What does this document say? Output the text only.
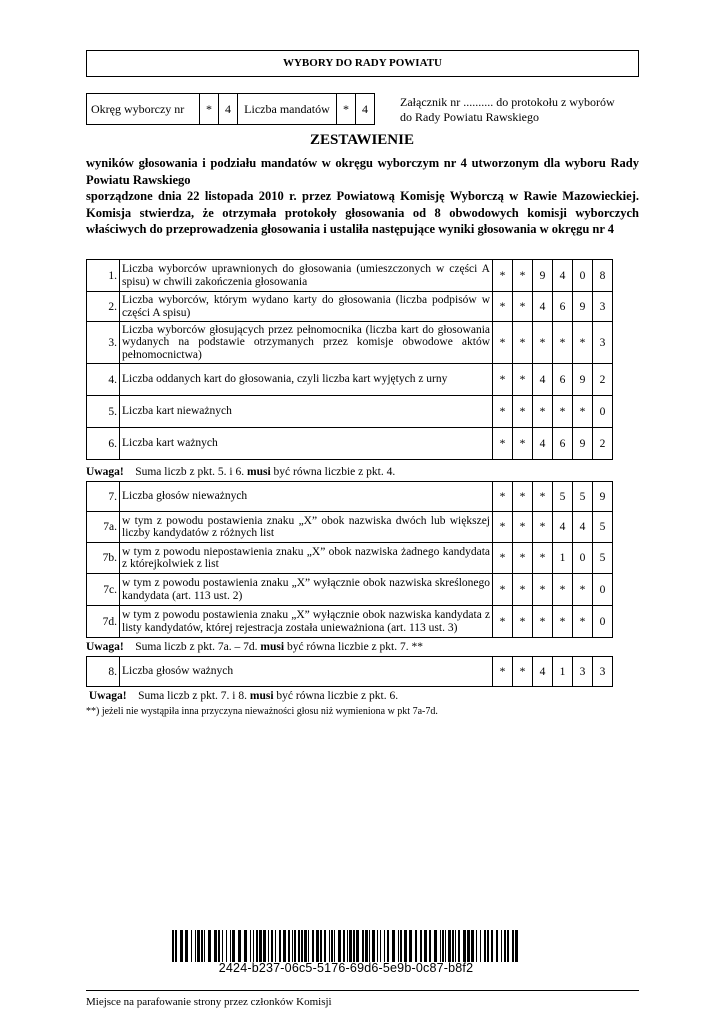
WYBORY DO RADY POWIATU
Okręg wyborczy nr	*	4	Liczba mandatów	*	4	Załącznik nr .......... do protokołu z wyborów
do Rady Powiatu Rawskiego
ZESTAWIENIE
wyników głosowania i podziału mandatów w okręgu wyborczym nr 4 utworzonym dla wyboru Rady Powiatu Rawskiego
sporządzone dnia 22 listopada 2010 r. przez Powiatową Komisję Wyborczą w Rawie Mazowieckiej. Komisja stwierdza, że otrzymała protokoły głosowania od 8 obwodowych komisji wyborczych właściwych do przeprowadzenia głosowania i ustaliła następujące wyniki głosowania w okręgu nr 4
1.	Liczba wyborców uprawnionych do głosowania (umieszczonych w części A spisu) w chwili zakończenia głosowania	*	*	9	4	0	8
2.	Liczba wyborców, którym wydano karty do głosowania (liczba podpisów w części A spisu)	*	*	4	6	9	3
3.	Liczba wyborców głosujących przez pełnomocnika (liczba kart do głosowania wydanych na podstawie otrzymanych przez komisje obwodowe aktów pełnomocnictwa)	*	*	*	*	*	3
4.	Liczba oddanych kart do głosowania, czyli liczba kart wyjętych z urny	*	*	4	6	9	2
5.	Liczba kart nieważnych	*	*	*	*	*	0
6.	Liczba kart ważnych	*	*	4	6	9	2
Uwaga! Suma liczb z pkt. 5. i 6. musi być równa liczbie z pkt. 4.
7.	Liczba głosów nieważnych	*	*	*	5	5	9
7a.	w tym z powodu postawienia znaku „X” obok nazwiska dwóch lub większej liczby kandydatów z różnych list	*	*	*	4	4	5
7b.	w tym z powodu niepostawienia znaku „X” obok nazwiska żadnego kandydata z którejkolwiek z list	*	*	*	1	0	5
7c.	w tym z powodu postawienia znaku „X” wyłącznie obok nazwiska skreślonego kandydata (art. 113 ust. 2)	*	*	*	*	*	0
7d.	w tym z powodu postawienia znaku „X” wyłącznie obok nazwiska kandydata z listy kandydatów, której rejestracja została unieważniona (art. 113 ust. 3)	*	*	*	*	*	0
Uwaga! Suma liczb z pkt. 7a. – 7d. musi być równa liczbie z pkt. 7. **
8.	Liczba głosów ważnych	*	*	4	1	3	3
Uwaga! Suma liczb z pkt. 7. i 8. musi być równa liczbie z pkt. 6.
**) jeżeli nie wystąpiła inna przyczyna nieważności głosu niż wymieniona w pkt 7a-7d.
2424-b237-06c5-5176-69d6-5e9b-0c87-b8f2
Miejsce na parafowanie strony przez członków Komisji
